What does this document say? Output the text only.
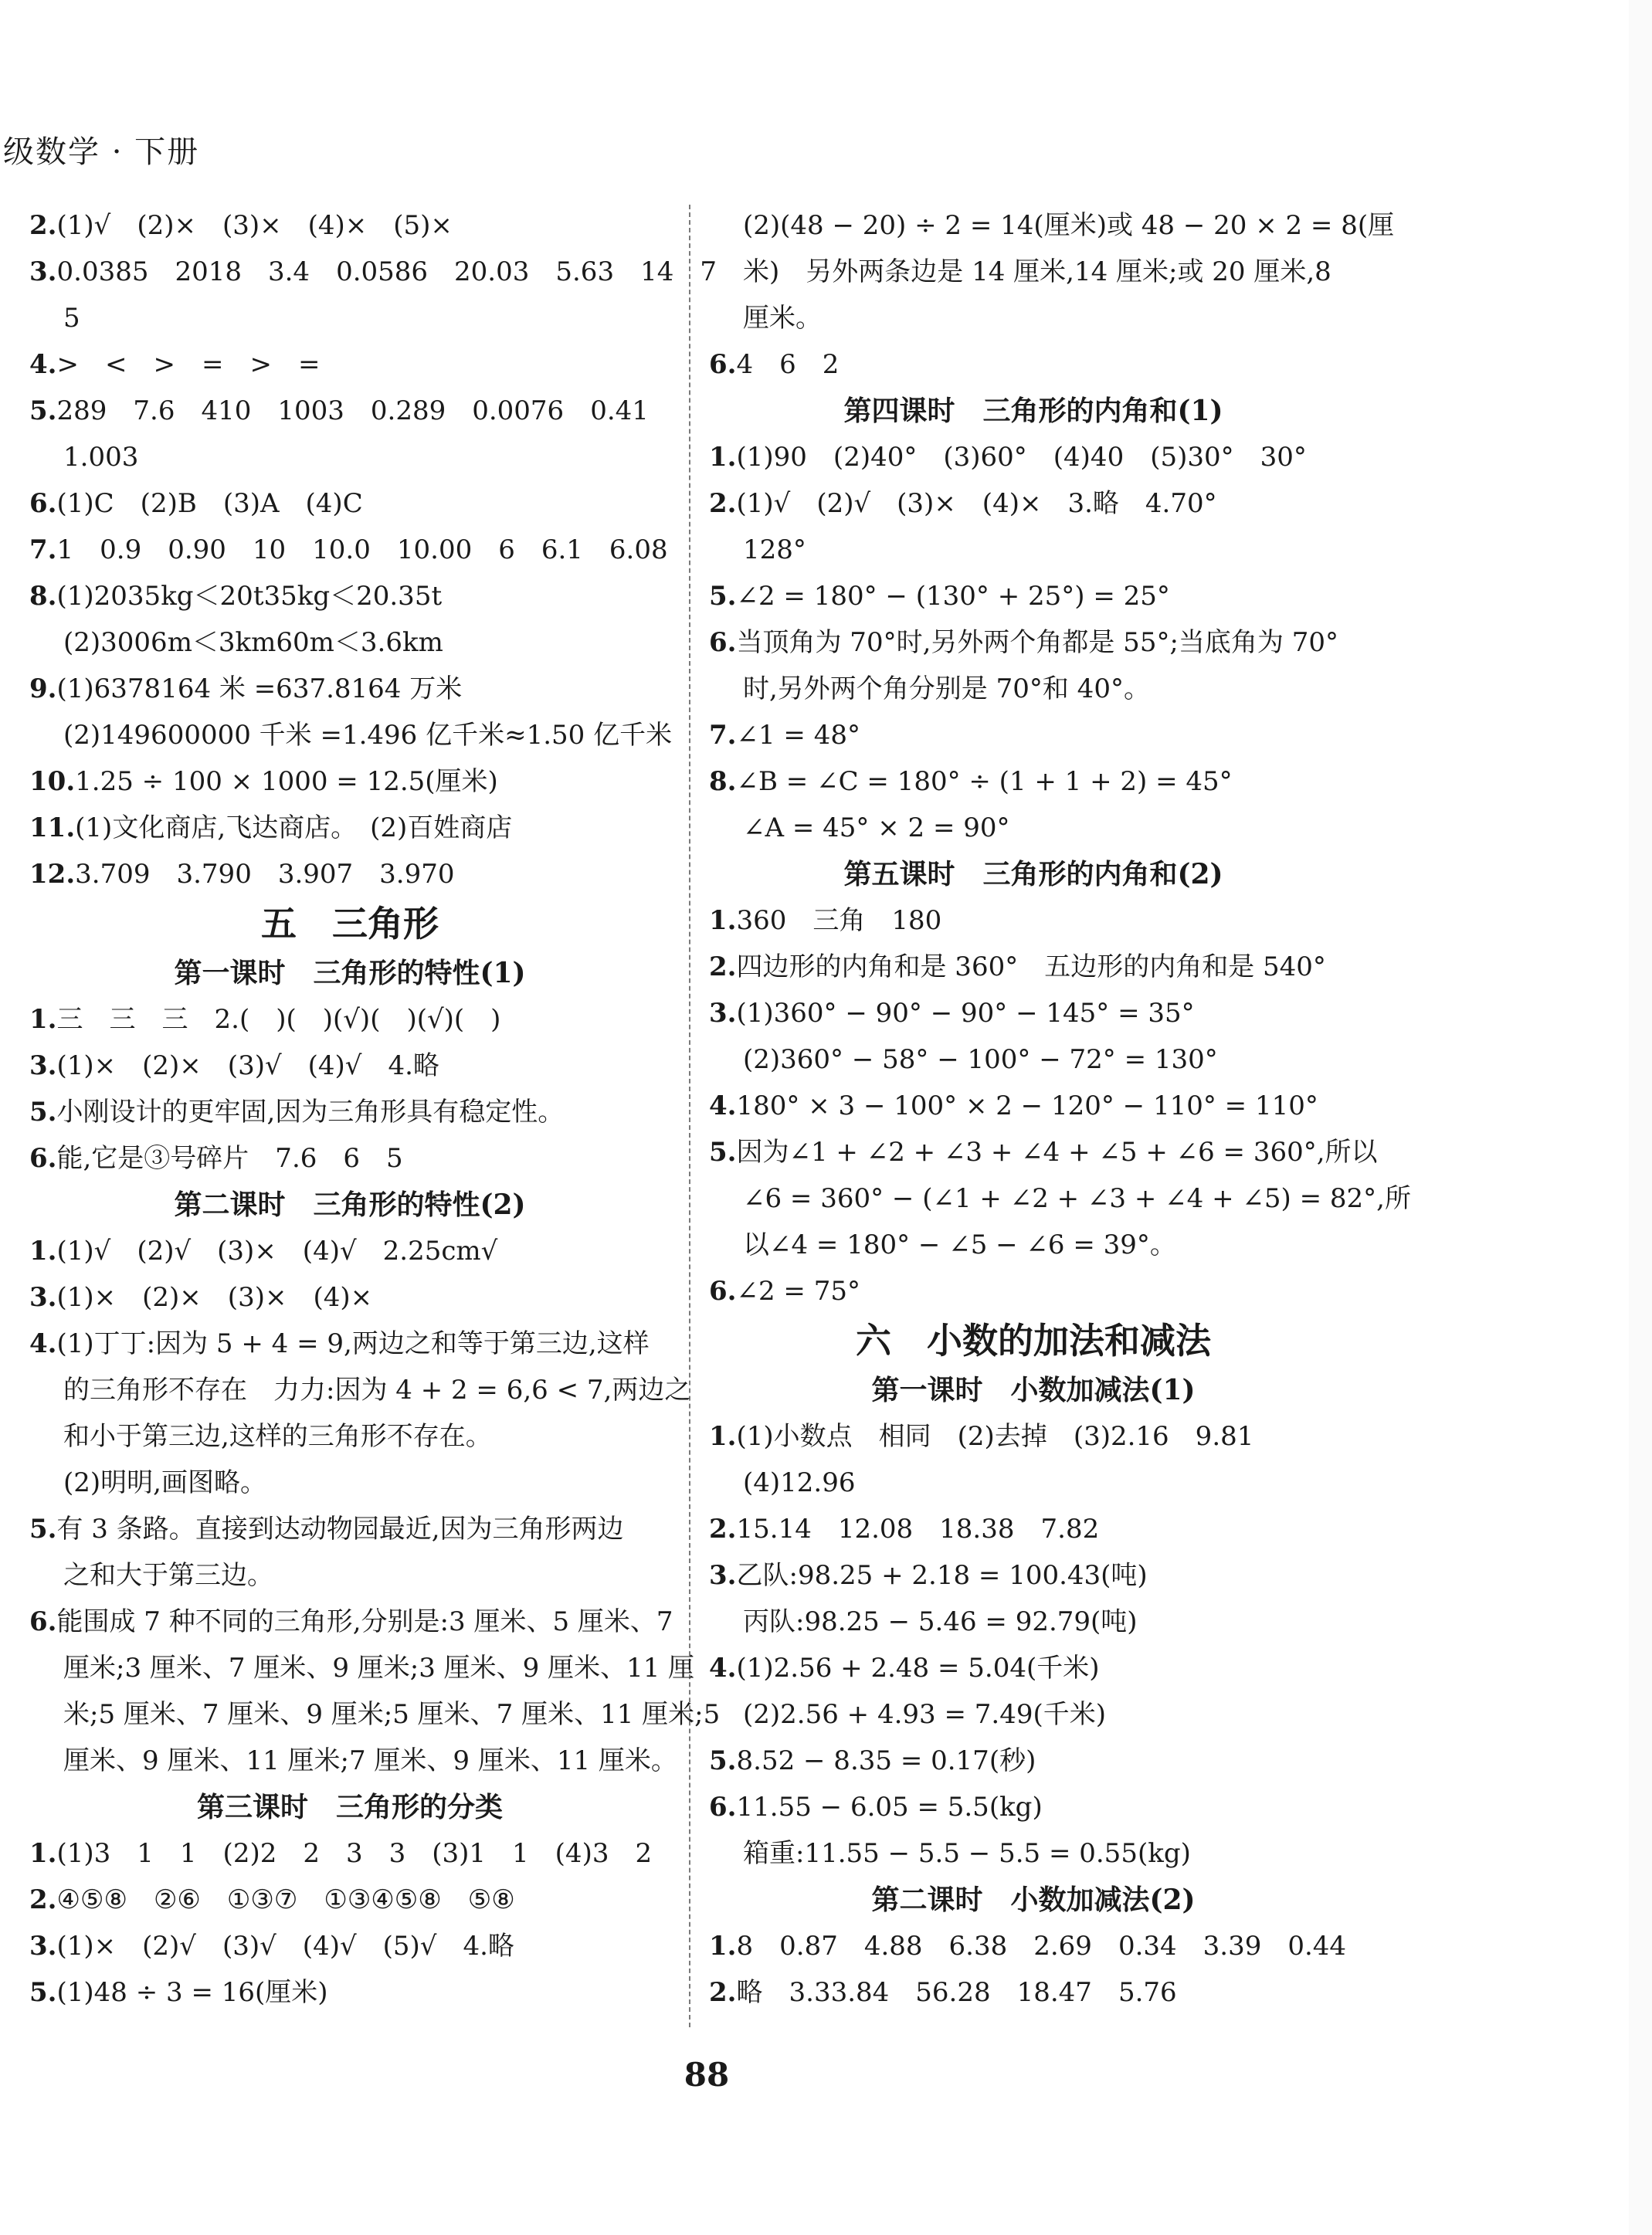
级数学 · 下册
2.(1)√　(2)×　(3)×　(4)×　(5)×
3.0.0385　2018　3.4　0.0586　20.03　5.63　14　7
5
4.>　<　>　=　>　=
5.289　7.6　410　1003　0.289　0.0076　0.41
1.003
6.(1)C　(2)B　(3)A　(4)C
7.1　0.9　0.90　10　10.0　10.00　6　6.1　6.08
8.(1)2035kg＜20t35kg＜20.35t
(2)3006m＜3km60m＜3.6km
9.(1)6378164 米 =637.8164 万米
(2)149600000 千米 =1.496 亿千米≈1.50 亿千米
10.1.25 ÷ 100 × 1000 = 12.5(厘米)
11.(1)文化商店,飞达商店。　(2)百姓商店
12.3.709　3.790　3.907　3.970
五　三角形
第一课时　三角形的特性(1)
1.三　三　三　2.(　)(　)(√)(　)(√)(　)
3.(1)×　(2)×　(3)√　(4)√　4.略
5.小刚设计的更牢固,因为三角形具有稳定性。
6.能,它是③号碎片　7.6　6　5
第二课时　三角形的特性(2)
1.(1)√　(2)√　(3)×　(4)√　2.25cm√
3.(1)×　(2)×　(3)×　(4)×
4.(1)丁丁:因为 5 + 4 = 9,两边之和等于第三边,这样
的三角形不存在　力力:因为 4 + 2 = 6,6 < 7,两边之
和小于第三边,这样的三角形不存在。
(2)明明,画图略。
5.有 3 条路。直接到达动物园最近,因为三角形两边
之和大于第三边。
6.能围成 7 种不同的三角形,分别是:3 厘米、5 厘米、7
厘米;3 厘米、7 厘米、9 厘米;3 厘米、9 厘米、11 厘
米;5 厘米、7 厘米、9 厘米;5 厘米、7 厘米、11 厘米;5
厘米、9 厘米、11 厘米;7 厘米、9 厘米、11 厘米。
第三课时　三角形的分类
1.(1)3　1　1　(2)2　2　3　3　(3)1　1　(4)3　2
2.④⑤⑧　②⑥　①③⑦　①③④⑤⑧　⑤⑧
3.(1)×　(2)√　(3)√　(4)√　(5)√　4.略
5.(1)48 ÷ 3 = 16(厘米)
(2)(48 − 20) ÷ 2 = 14(厘米)或 48 − 20 × 2 = 8(厘
米)　另外两条边是 14 厘米,14 厘米;或 20 厘米,8
厘米。
6.4　6　2
第四课时　三角形的内角和(1)
1.(1)90　(2)40°　(3)60°　(4)40　(5)30°　30°
2.(1)√　(2)√　(3)×　(4)×　3.略　4.70°
128°
5.∠2 = 180° − (130° + 25°) = 25°
6.当顶角为 70°时,另外两个角都是 55°;当底角为 70°
时,另外两个角分别是 70°和 40°。
7.∠1 = 48°
8.∠B = ∠C = 180° ÷ (1 + 1 + 2) = 45°
∠A = 45° × 2 = 90°
第五课时　三角形的内角和(2)
1.360　三角　180
2.四边形的内角和是 360°　五边形的内角和是 540°
3.(1)360° − 90° − 90° − 145° = 35°
(2)360° − 58° − 100° − 72° = 130°
4.180° × 3 − 100° × 2 − 120° − 110° = 110°
5.因为∠1 + ∠2 + ∠3 + ∠4 + ∠5 + ∠6 = 360°,所以
∠6 = 360° − (∠1 + ∠2 + ∠3 + ∠4 + ∠5) = 82°,所
以∠4 = 180° − ∠5 − ∠6 = 39°。
6.∠2 = 75°
六　小数的加法和减法
第一课时　小数加减法(1)
1.(1)小数点　相同　(2)去掉　(3)2.16　9.81
(4)12.96
2.15.14　12.08　18.38　7.82
3.乙队:98.25 + 2.18 = 100.43(吨)
丙队:98.25 − 5.46 = 92.79(吨)
4.(1)2.56 + 2.48 = 5.04(千米)
(2)2.56 + 4.93 = 7.49(千米)
5.8.52 − 8.35 = 0.17(秒)
6.11.55 − 6.05 = 5.5(kg)
箱重:11.55 − 5.5 − 5.5 = 0.55(kg)
第二课时　小数加减法(2)
1.8　0.87　4.88　6.38　2.69　0.34　3.39　0.44
2.略　3.33.84　56.28　18.47　5.76
88
